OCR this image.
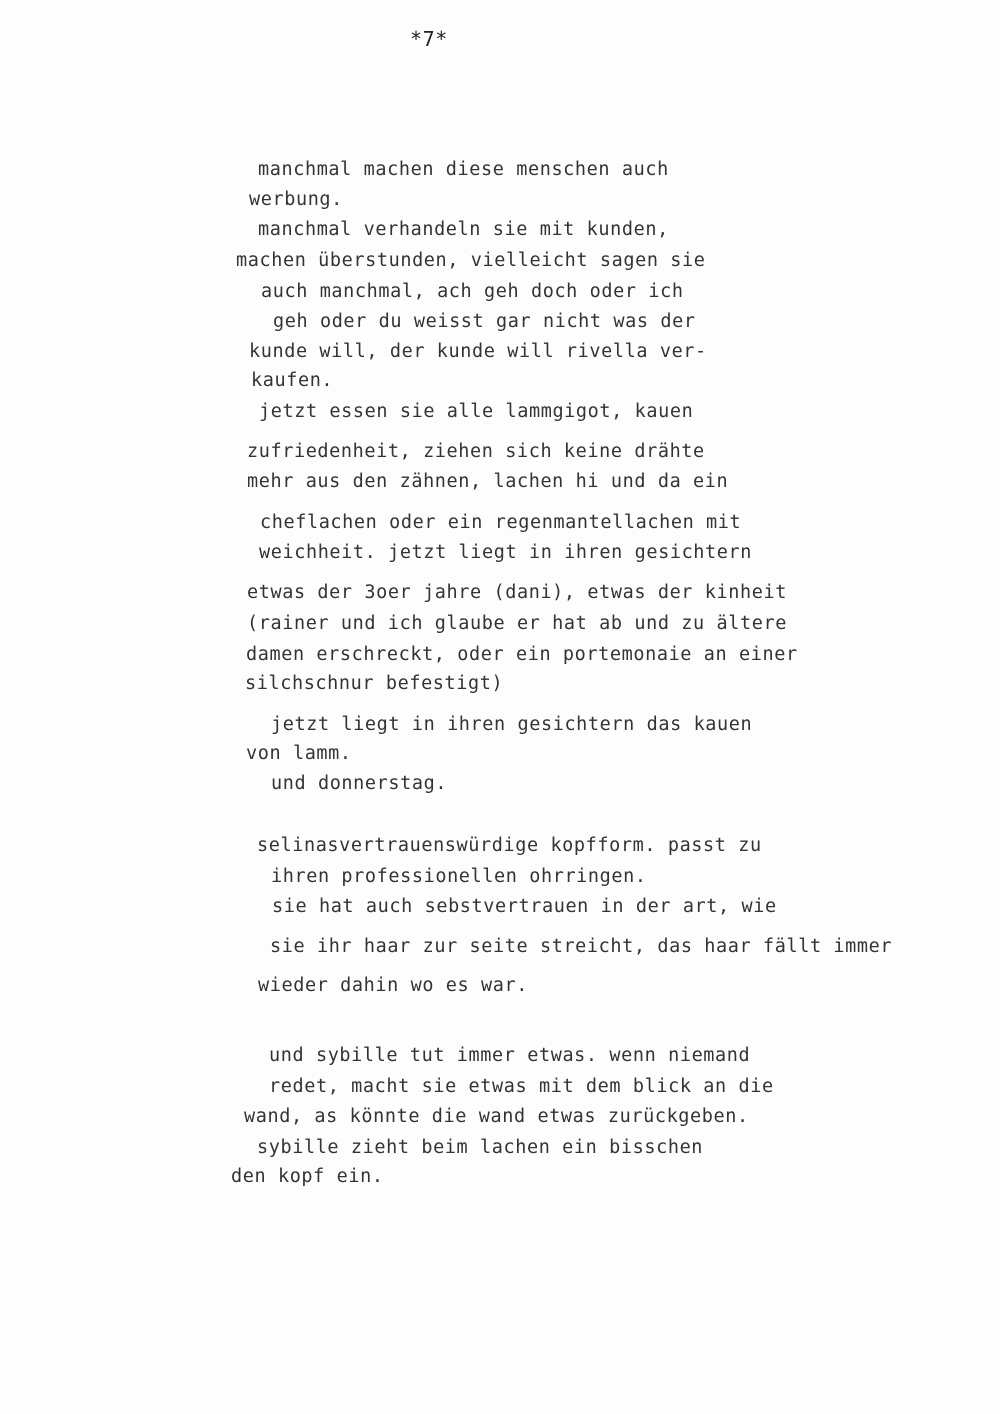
*7*
manchmal machen diese menschen auch
werbung.
manchmal verhandeln sie mit kunden,
machen überstunden, vielleicht sagen sie
auch manchmal, ach geh doch oder ich
geh oder du weisst gar nicht was der
kunde will, der kunde will rivella ver-
kaufen.
jetzt essen sie alle lammgigot, kauen
zufriedenheit, ziehen sich keine drähte
mehr aus den zähnen, lachen hi und da ein
cheflachen oder ein regenmantellachen mit
weichheit. jetzt liegt in ihren gesichtern
etwas der 3oer jahre (dani), etwas der kinheit
(rainer und ich glaube er hat ab und zu ältere
damen erschreckt, oder ein portemonaie an einer
silchschnur befestigt)
jetzt liegt in ihren gesichtern das kauen
von lamm.
und donnerstag.
selinasvertrauenswürdige kopfform. passt zu
ihren professionellen ohrringen.
sie hat auch sebstvertrauen in der art, wie
sie ihr haar zur seite streicht, das haar fällt immer
wieder dahin wo es war.
und sybille tut immer etwas. wenn niemand
redet, macht sie etwas mit dem blick an die
wand, as könnte die wand etwas zurückgeben.
sybille zieht beim lachen ein bisschen
den kopf ein.
